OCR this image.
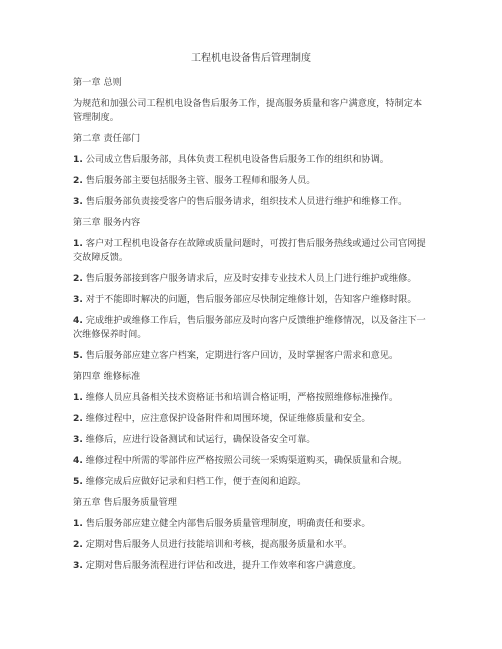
工程机电设备售后管理制度
第一章 总则
为规范和加强公司工程机电设备售后服务工作，提高服务质量和客户满意度，特制定本管理制度。
第二章 责任部门
1. 公司成立售后服务部，具体负责工程机电设备售后服务工作的组织和协调。
2. 售后服务部主要包括服务主管、服务工程师和服务人员。
3. 售后服务部负责接受客户的售后服务请求，组织技术人员进行维护和维修工作。
第三章 服务内容
1. 客户对工程机电设备存在故障或质量问题时，可拨打售后服务热线或通过公司官网提交故障反馈。
2. 售后服务部接到客户服务请求后，应及时安排专业技术人员上门进行维护或维修。
3. 对于不能即时解决的问题，售后服务部应尽快制定维修计划，告知客户维修时限。
4. 完成维护或维修工作后，售后服务部应及时向客户反馈维护维修情况，以及备注下一次维修保养时间。
5. 售后服务部应建立客户档案，定期进行客户回访，及时掌握客户需求和意见。
第四章 维修标准
1. 维修人员应具备相关技术资格证书和培训合格证明，严格按照维修标准操作。
2. 维修过程中，应注意保护设备附件和周围环境，保证维修质量和安全。
3. 维修后，应进行设备测试和试运行，确保设备安全可靠。
4. 维修过程中所需的零部件应严格按照公司统一采购渠道购买，确保质量和合规。
5. 维修完成后应做好记录和归档工作，便于查阅和追踪。
第五章 售后服务质量管理
1. 售后服务部应建立健全内部售后服务质量管理制度，明确责任和要求。
2. 定期对售后服务人员进行技能培训和考核，提高服务质量和水平。
3. 定期对售后服务流程进行评估和改进，提升工作效率和客户满意度。
